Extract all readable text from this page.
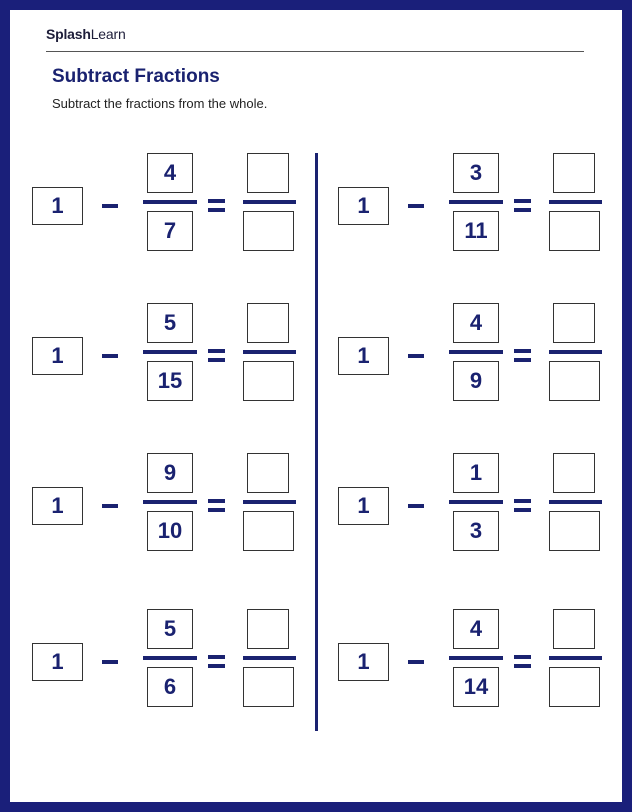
SplashLearn
Subtract Fractions
Subtract the fractions from the whole.
1
4
7
1
5
15
1
9
10
1
5
6
1
3
11
1
4
9
1
1
3
1
4
14
